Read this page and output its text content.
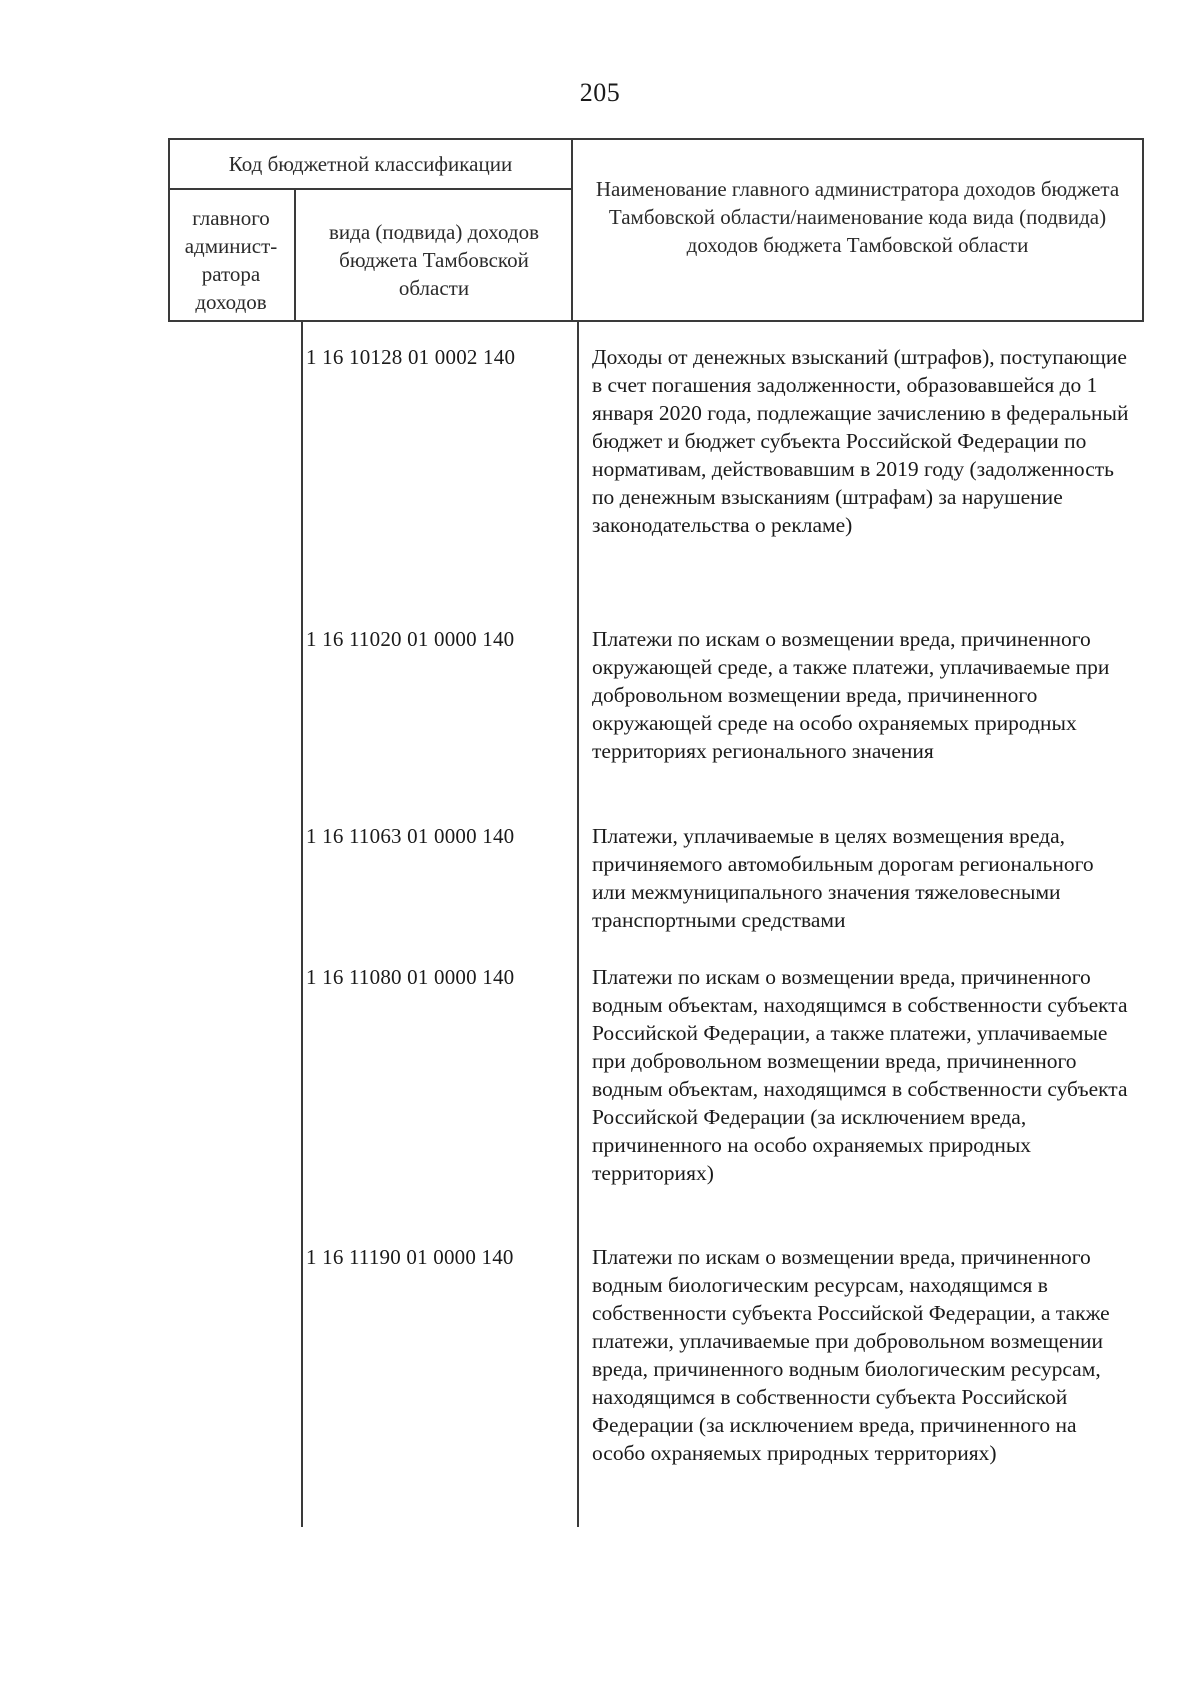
205
Код бюджетной классификации
главного админист-ратора доходов
вида (подвида) доходов бюджета Тамбовской области
Наименование главного администратора доходов бюджета Тамбовской области/наименование кода вида (подвида) доходов бюджета Тамбовской области
1 16 10128 01 0002 140	Доходы от денежных взысканий (штрафов), поступающие в счет погашения задолженности, образовавшейся до 1 января 2020 года, подлежащие зачислению в федеральный бюджет и бюджет субъекта Российской Федерации по нормативам, действовавшим в 2019 году (задолженность по денежным взысканиям (штрафам) за нарушение законодательства о рекламе)
1 16 11020 01 0000 140	Платежи по искам о возмещении вреда, причиненного окружающей среде, а также платежи, уплачиваемые при добровольном возмещении вреда, причиненного окружающей среде на особо охраняемых природных территориях регионального значения
1 16 11063 01 0000 140	Платежи, уплачиваемые в целях возмещения вреда, причиняемого автомобильным дорогам регионального или межмуниципального значения тяжеловесными транспортными средствами
1 16 11080 01 0000 140	Платежи по искам о возмещении вреда, причиненного водным объектам, находящимся в собственности субъекта Российской Федерации, а также платежи, уплачиваемые при добровольном возмещении вреда, причиненного водным объектам, находящимся в собственности субъекта Российской Федерации (за исключением вреда, причиненного на особо охраняемых природных территориях)
1 16 11190 01 0000 140	Платежи по искам о возмещении вреда, причиненного водным биологическим ресурсам, находящимся в собственности субъекта Российской Федерации, а также платежи, уплачиваемые при добровольном возмещении вреда, причиненного водным биологическим ресурсам, находящимся в собственности субъекта Российской Федерации (за исключением вреда, причиненного на особо охраняемых природных территориях)
